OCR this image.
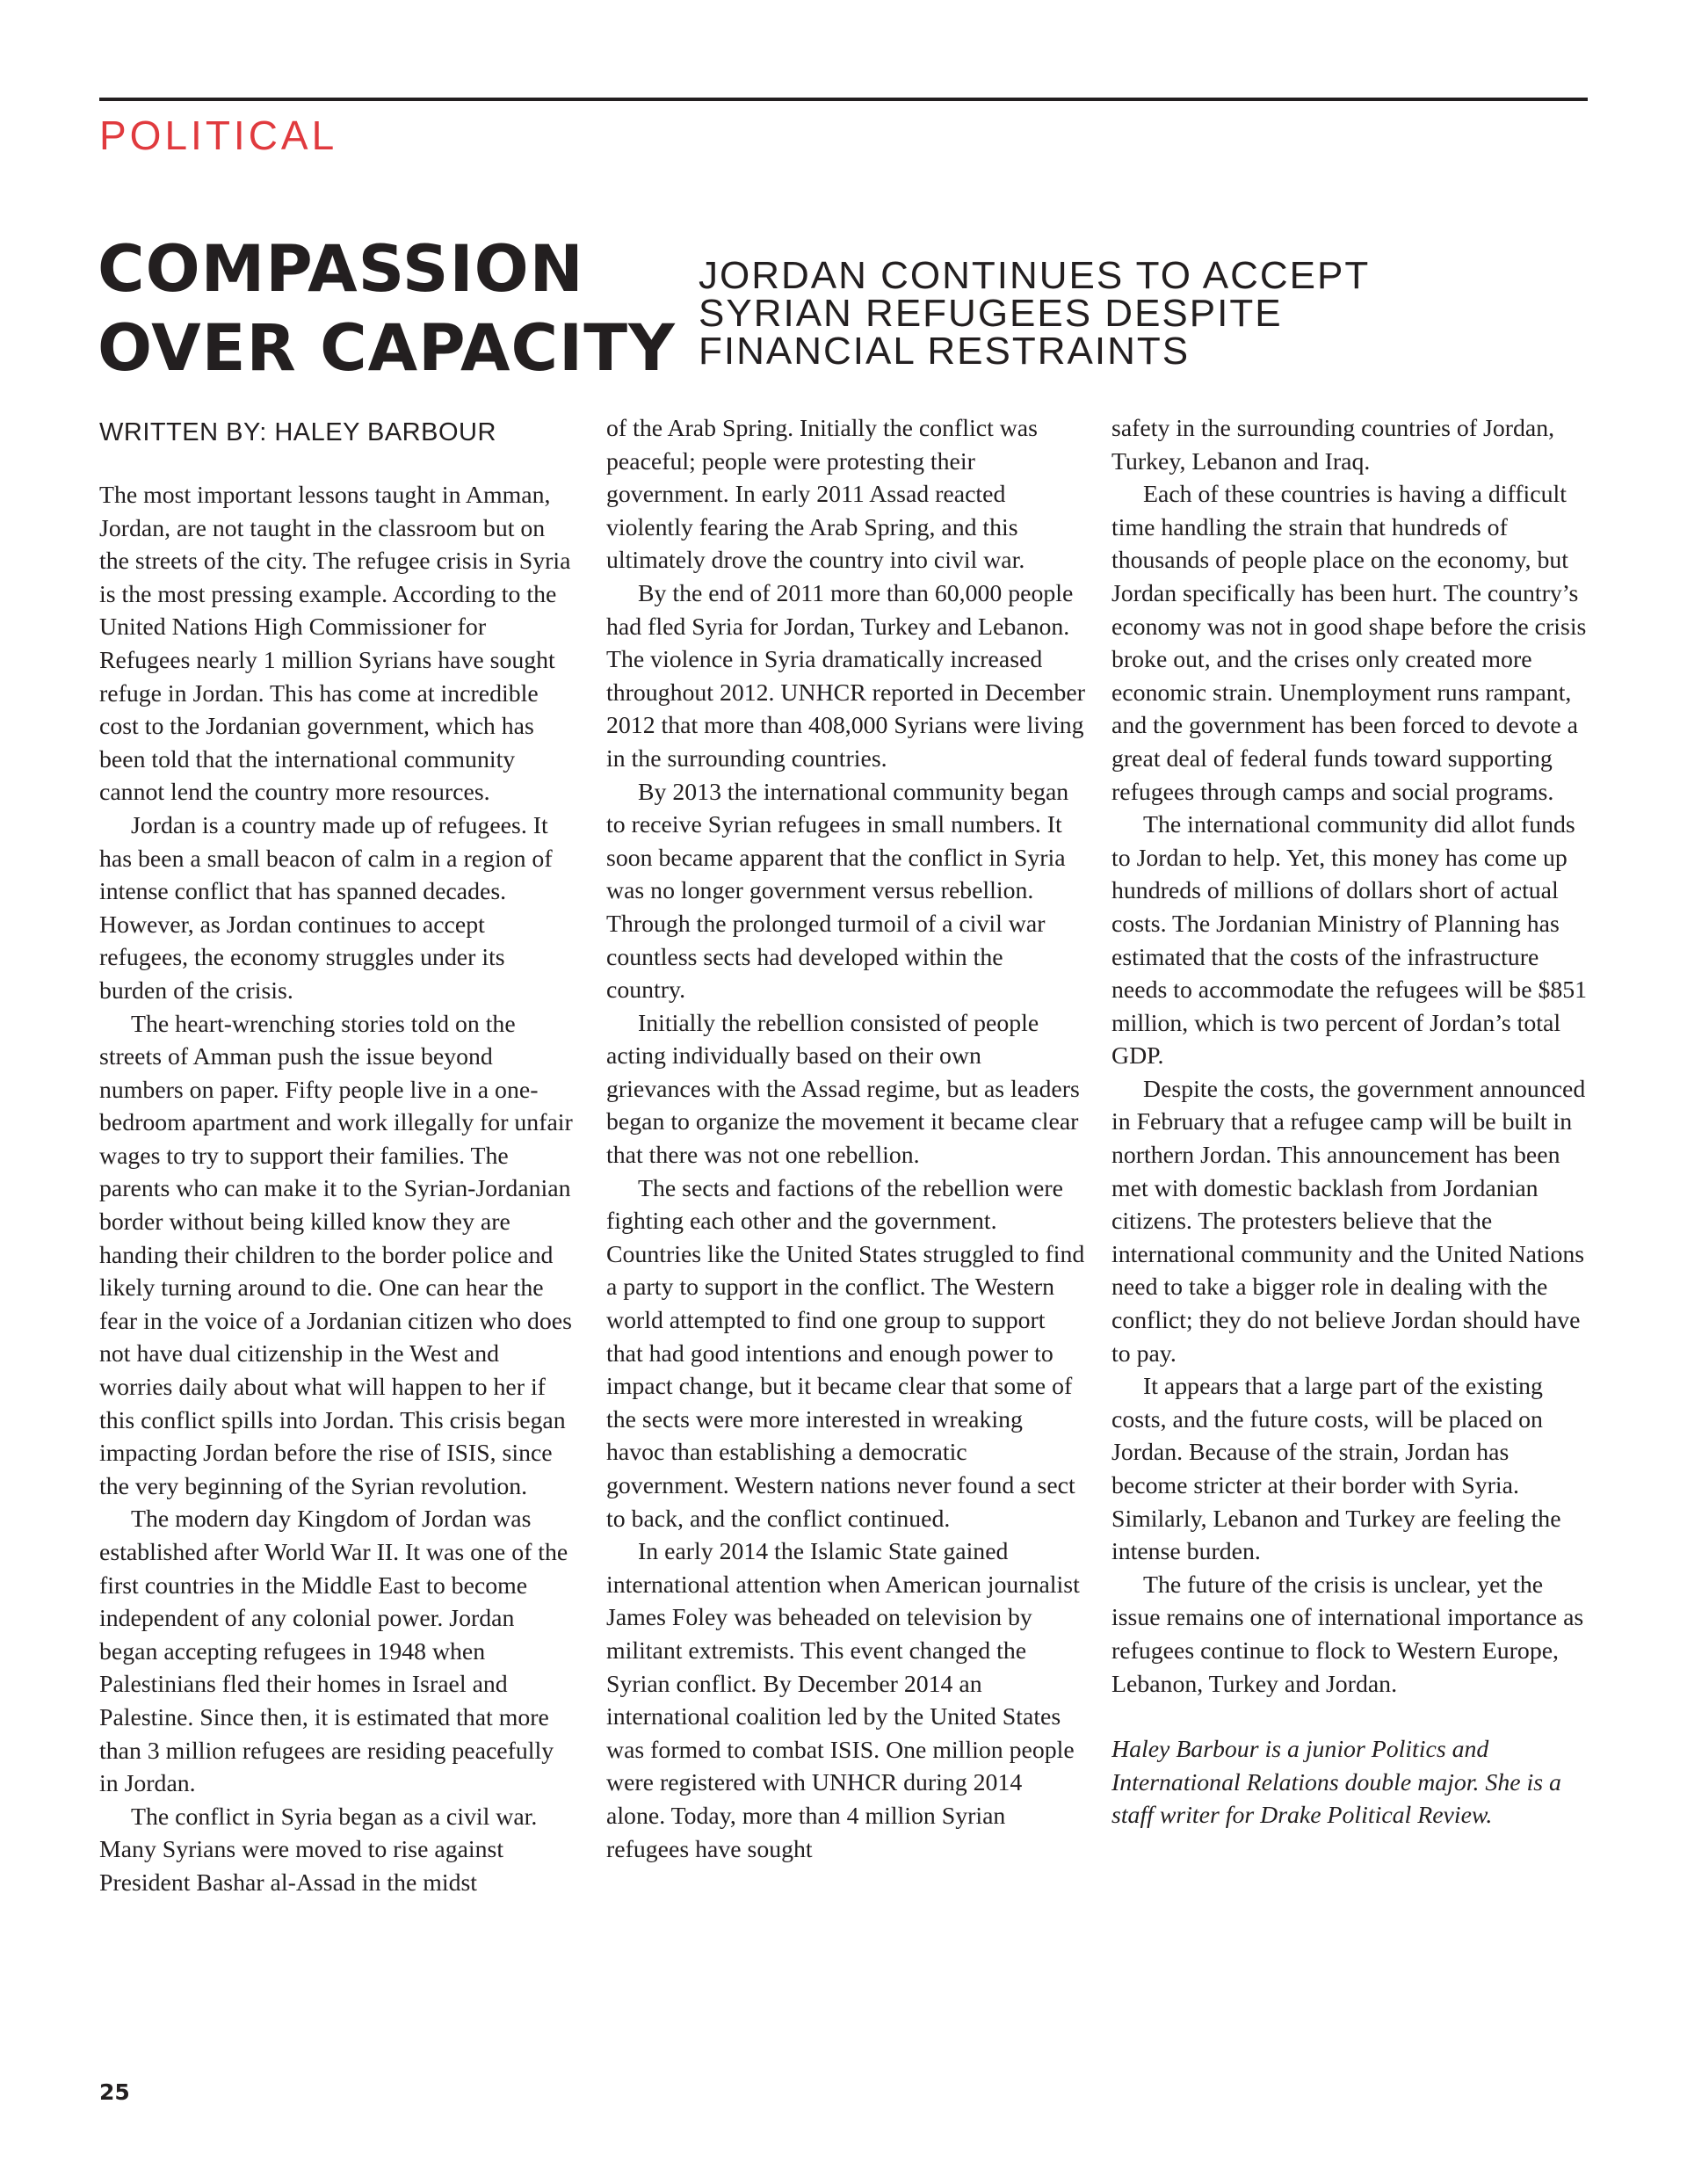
POLITICAL
COMPASSION
OVER CAPACITY
JORDAN CONTINUES TO ACCEPT
SYRIAN REFUGEES DESPITE
FINANCIAL RESTRAINTS
WRITTEN BY: HALEY BARBOUR

The most important lessons taught in Amman, Jordan, are not taught in the classroom but on the streets of the city. The refugee crisis in Syria is the most pressing example. According to the United Nations High Commissioner for Refugees nearly 1 million Syrians have sought refuge in Jordan. This has come at incredible cost to the Jordanian government, which has been told that the international community cannot lend the country more resources.

Jordan is a country made up of refugees. It has been a small beacon of calm in a region of intense conflict that has spanned decades. However, as Jordan continues to accept refugees, the economy struggles under its burden of the crisis.

The heart-wrenching stories told on the streets of Amman push the issue beyond numbers on paper. Fifty people live in a one-bedroom apartment and work illegally for unfair wages to try to support their families. The parents who can make it to the Syrian-Jordanian border without being killed know they are handing their children to the border police and likely turning around to die. One can hear the fear in the voice of a Jordanian citizen who does not have dual citizenship in the West and worries daily about what will happen to her if this conflict spills into Jordan. This crisis began impacting Jordan before the rise of ISIS, since the very beginning of the Syrian revolution.

The modern day Kingdom of Jordan was established after World War II. It was one of the first countries in the Middle East to become independent of any colonial power. Jordan began accepting refugees in 1948 when Palestinians fled their homes in Israel and Palestine. Since then, it is estimated that more than 3 million refugees are residing peacefully in Jordan.

The conflict in Syria began as a civil war. Many Syrians were moved to rise against President Bashar al-Assad in the midst

of the Arab Spring. Initially the conflict was peaceful; people were protesting their government. In early 2011 Assad reacted violently fearing the Arab Spring, and this ultimately drove the country into civil war.

By the end of 2011 more than 60,000 people had fled Syria for Jordan, Turkey and Lebanon. The violence in Syria dramatically increased throughout 2012. UNHCR reported in December 2012 that more than 408,000 Syrians were living in the surrounding countries.

By 2013 the international community began to receive Syrian refugees in small numbers. It soon became apparent that the conflict in Syria was no longer government versus rebellion. Through the prolonged turmoil of a civil war countless sects had developed within the country.

Initially the rebellion consisted of people acting individually based on their own grievances with the Assad regime, but as leaders began to organize the movement it became clear that there was not one rebellion.

The sects and factions of the rebellion were fighting each other and the government. Countries like the United States struggled to find a party to support in the conflict. The Western world attempted to find one group to support that had good intentions and enough power to impact change, but it became clear that some of the sects were more interested in wreaking havoc than establishing a democratic government. Western nations never found a sect to back, and the conflict continued.

In early 2014 the Islamic State gained international attention when American journalist James Foley was beheaded on television by militant extremists. This event changed the Syrian conflict. By December 2014 an international coalition led by the United States was formed to combat ISIS. One million people were registered with UNHCR during 2014 alone. Today, more than 4 million Syrian refugees have sought

safety in the surrounding countries of Jordan, Turkey, Lebanon and Iraq.

Each of these countries is having a difficult time handling the strain that hundreds of thousands of people place on the economy, but Jordan specifically has been hurt. The country’s economy was not in good shape before the crisis broke out, and the crises only created more economic strain. Unemployment runs rampant, and the government has been forced to devote a great deal of federal funds toward supporting refugees through camps and social programs.

The international community did allot funds to Jordan to help. Yet, this money has come up hundreds of millions of dollars short of actual costs. The Jordanian Ministry of Planning has estimated that the costs of the infrastructure needs to accommodate the refugees will be $851 million, which is two percent of Jordan’s total GDP.

Despite the costs, the government announced in February that a refugee camp will be built in northern Jordan. This announcement has been met with domestic backlash from Jordanian citizens. The protesters believe that the international community and the United Nations need to take a bigger role in dealing with the conflict; they do not believe Jordan should have to pay.

It appears that a large part of the existing costs, and the future costs, will be placed on Jordan. Because of the strain, Jordan has become stricter at their border with Syria. Similarly, Lebanon and Turkey are feeling the intense burden.

The future of the crisis is unclear, yet the issue remains one of international importance as refugees continue to flock to Western Europe, Lebanon, Turkey and Jordan.

Haley Barbour is a junior Politics and International Relations double major. She is a staff writer for Drake Political Review.

25
